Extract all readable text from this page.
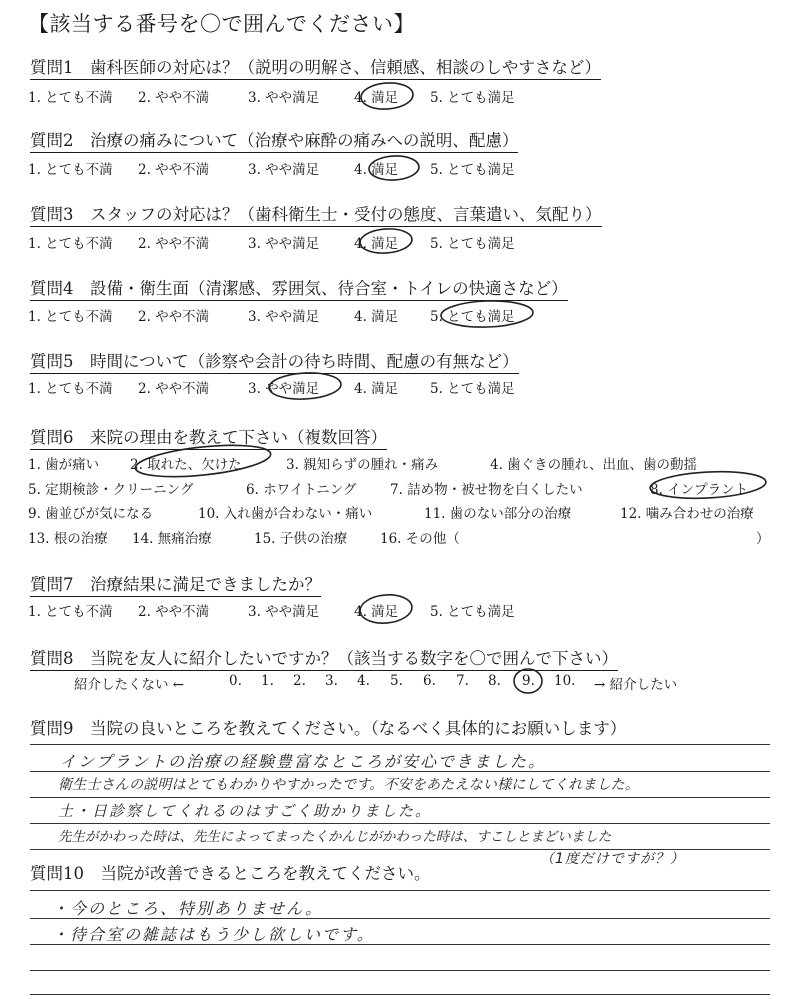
【該当する番号を〇で囲んでください】
質問1　歯科医師の対応は？（説明の明解さ、信頼感、相談のしやすさなど）
1. とても不満 2. やや不満	3. やや満足	4. 満足 5. とても満足
質問2　治療の痛みについて（治療や麻酔の痛みへの説明、配慮）
1. とても不満 2. やや不満	3. やや満足	4. 満足 5. とても満足
質問3　スタッフの対応は？（歯科衛生士・受付の態度、言葉遣い、気配り）
1. とても不満 2. やや不満	3. やや満足	4. 満足 5. とても満足
質問4　設備・衛生面（清潔感、雰囲気、待合室・トイレの快適さなど）
1. とても不満 2. やや不満	3. やや満足	4. 満足 5. とても満足
質問5　時間について（診察や会計の待ち時間、配慮の有無など）
1. とても不満 2. やや不満	3. やや満足	4. 満足 5. とても満足
質問6　来院の理由を教えて下さい（複数回答）
1. 歯が痛い 2. 取れた、欠けた	3. 親知らずの腫れ・痛み	4. 歯ぐきの腫れ、出血、歯の動揺
5. 定期検診・クリーニング	6. ホワイトニング 7. 詰め物・被せ物を白くしたい	8. インプラント
9. 歯並びが気になる	10. 入れ歯が合わない・痛い	11. 歯のない部分の治療	12. 噛み合わせの治療
13. 根の治療 14. 無痛治療	15. 子供の治療 16. その他（	）
質問7　治療結果に満足できましたか？
1. とても不満 2. やや不満	3. やや満足	4. 満足 5. とても満足
質問8　当院を友人に紹介したいですか？（該当する数字を〇で囲んで下さい）
紹介したくない ←	0. 1. 2. 3. 4. 5. 6. 7. 8. 9. 10. → 紹介したい
質問9　当院の良いところを教えてください。（なるべく具体的にお願いします）
インプラントの治療の経験豊富なところが安心できました。
衛生士さんの説明はとてもわかりやすかったです。不安をあたえない様にしてくれました。
土・日診察してくれるのはすごく助かりました。
先生がかわった時は、先生によってまったくかんじがかわった時は、すこしとまどいました
（1度だけですが？）
質問10　当院が改善できるところを教えてください。
・今のところ、特別ありません。
・待合室の雑誌はもう少し欲しいです。
